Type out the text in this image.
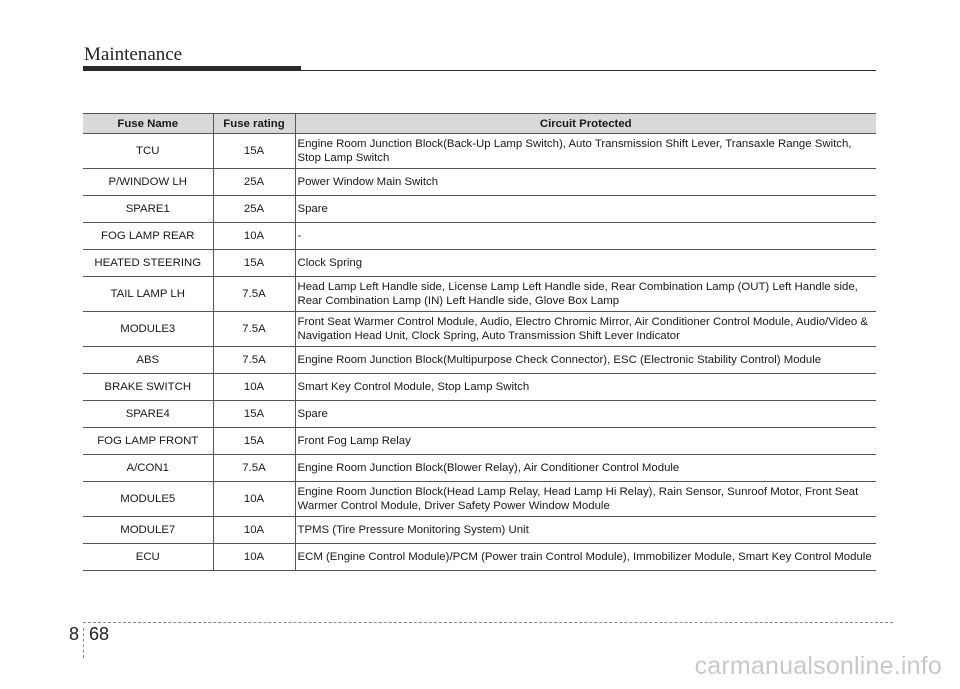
Maintenance
Fuse Name	Fuse rating	Circuit Protected
TCU	15A	Engine Room Junction Block(Back-Up Lamp Switch), Auto Transmission Shift Lever, Transaxle Range Switch, Stop Lamp Switch
P/WINDOW LH	25A	Power Window Main Switch
SPARE1	25A	Spare
FOG LAMP REAR	10A	-
HEATED STEERING	15A	Clock Spring
TAIL LAMP LH	7.5A	Head Lamp Left Handle side, License Lamp Left Handle side, Rear Combination Lamp (OUT) Left Handle side, Rear Combination Lamp (IN) Left Handle side, Glove Box Lamp
MODULE3	7.5A	Front Seat Warmer Control Module, Audio, Electro Chromic Mirror, Air Conditioner Control Module, Audio/Video & Navigation Head Unit, Clock Spring, Auto Transmission Shift Lever Indicator
ABS	7.5A	Engine Room Junction Block(Multipurpose Check Connector), ESC (Electronic Stability Control) Module
BRAKE SWITCH	10A	Smart Key Control Module, Stop Lamp Switch
SPARE4	15A	Spare
FOG LAMP FRONT	15A	Front Fog Lamp Relay
A/CON1	7.5A	Engine Room Junction Block(Blower Relay), Air Conditioner Control Module
MODULE5	10A	Engine Room Junction Block(Head Lamp Relay, Head Lamp Hi Relay), Rain Sensor, Sunroof Motor, Front Seat Warmer Control Module, Driver Safety Power Window Module
MODULE7	10A	TPMS (Tire Pressure Monitoring System) Unit
ECU	10A	ECM (Engine Control Module)/PCM (Power train Control Module), Immobilizer Module, Smart Key Control Module
8 68
carmanualsonline.info
